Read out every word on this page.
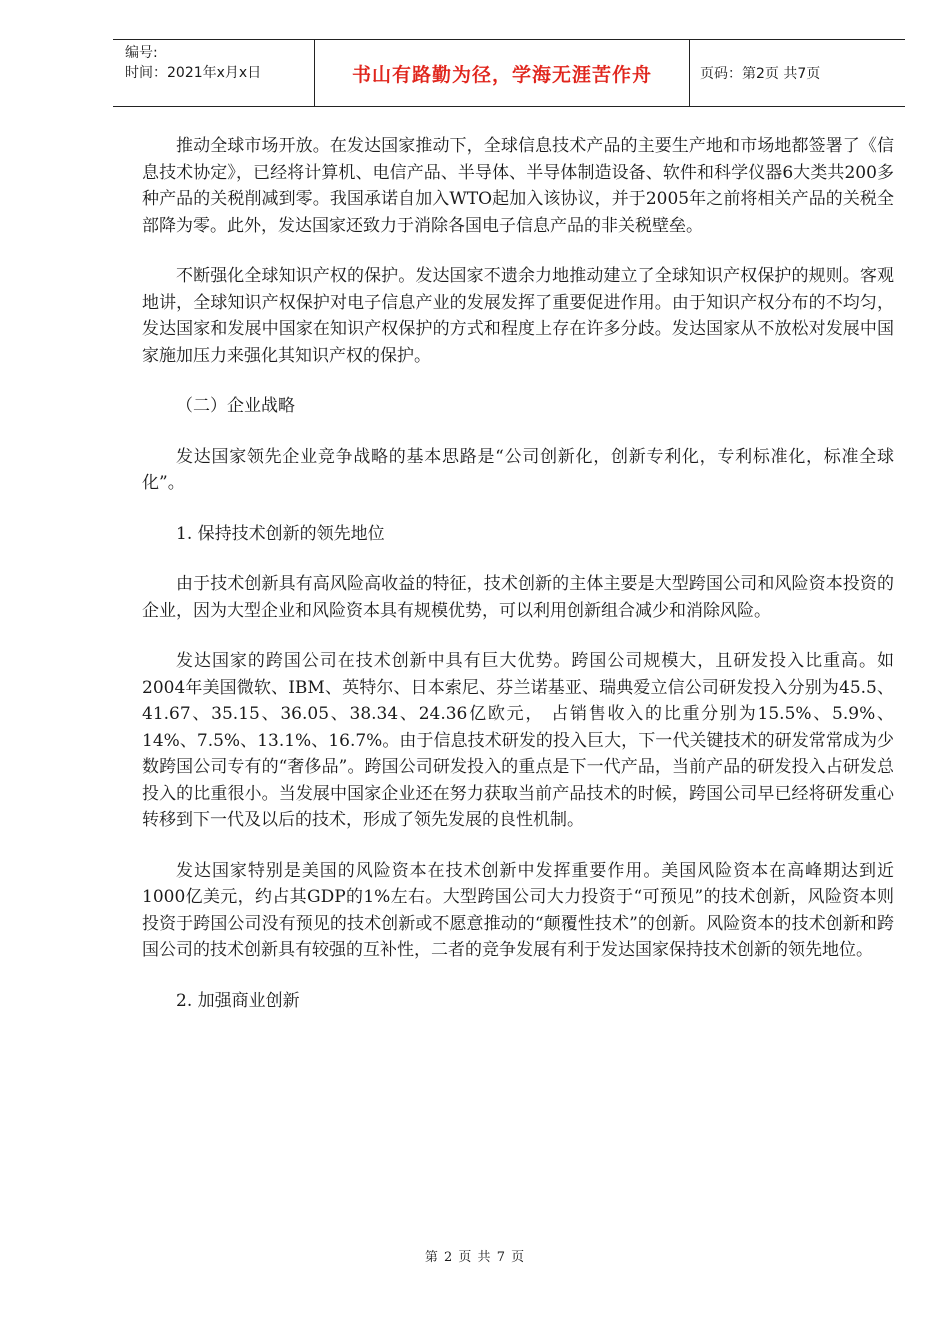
编号:
时间：2021年x月x日	书山有路勤为径，学海无涯苦作舟	页码：第2页 共7页

推动全球市场开放。在发达国家推动下，全球信息技术产品的主要生产地和市场地都签署了《信息技术协定》，已经将计算机、电信产品、半导体、半导体制造设备、软件和科学仪器6大类共200多种产品的关税削减到零。我国承诺自加入WTO起加入该协议，并于2005年之前将相关产品的关税全部降为零。此外，发达国家还致力于消除各国电子信息产品的非关税壁垒。

不断强化全球知识产权的保护。发达国家不遗余力地推动建立了全球知识产权保护的规则。客观地讲，全球知识产权保护对电子信息产业的发展发挥了重要促进作用。由于知识产权分布的不均匀，发达国家和发展中国家在知识产权保护的方式和程度上存在许多分歧。发达国家从不放松对发展中国家施加压力来强化其知识产权的保护。

（二）企业战略

发达国家领先企业竞争战略的基本思路是“公司创新化，创新专利化，专利标准化，标准全球化”。

1. 保持技术创新的领先地位

由于技术创新具有高风险高收益的特征，技术创新的主体主要是大型跨国公司和风险资本投资的企业，因为大型企业和风险资本具有规模优势，可以利用创新组合减少和消除风险。

发达国家的跨国公司在技术创新中具有巨大优势。跨国公司规模大，且研发投入比重高。如2004年美国微软、IBM、英特尔、日本索尼、芬兰诺基亚、瑞典爱立信公司研发投入分别为45.5、41.67、35.15、36.05、38.34、24.36亿欧元， 占销售收入的比重分别为15.5%、5.9%、14%、7.5%、13.1%、16.7%。由于信息技术研发的投入巨大，下一代关键技术的研发常常成为少数跨国公司专有的“奢侈品”。跨国公司研发投入的重点是下一代产品，当前产品的研发投入占研发总投入的比重很小。当发展中国家企业还在努力获取当前产品技术的时候，跨国公司早已经将研发重心转移到下一代及以后的技术，形成了领先发展的良性机制。

发达国家特别是美国的风险资本在技术创新中发挥重要作用。美国风险资本在高峰期达到近1000亿美元，约占其GDP的1%左右。大型跨国公司大力投资于“可预见”的技术创新，风险资本则投资于跨国公司没有预见的技术创新或不愿意推动的“颠覆性技术”的创新。风险资本的技术创新和跨国公司的技术创新具有较强的互补性，二者的竞争发展有利于发达国家保持技术创新的领先地位。

2. 加强商业创新

第 2 页 共 7 页
